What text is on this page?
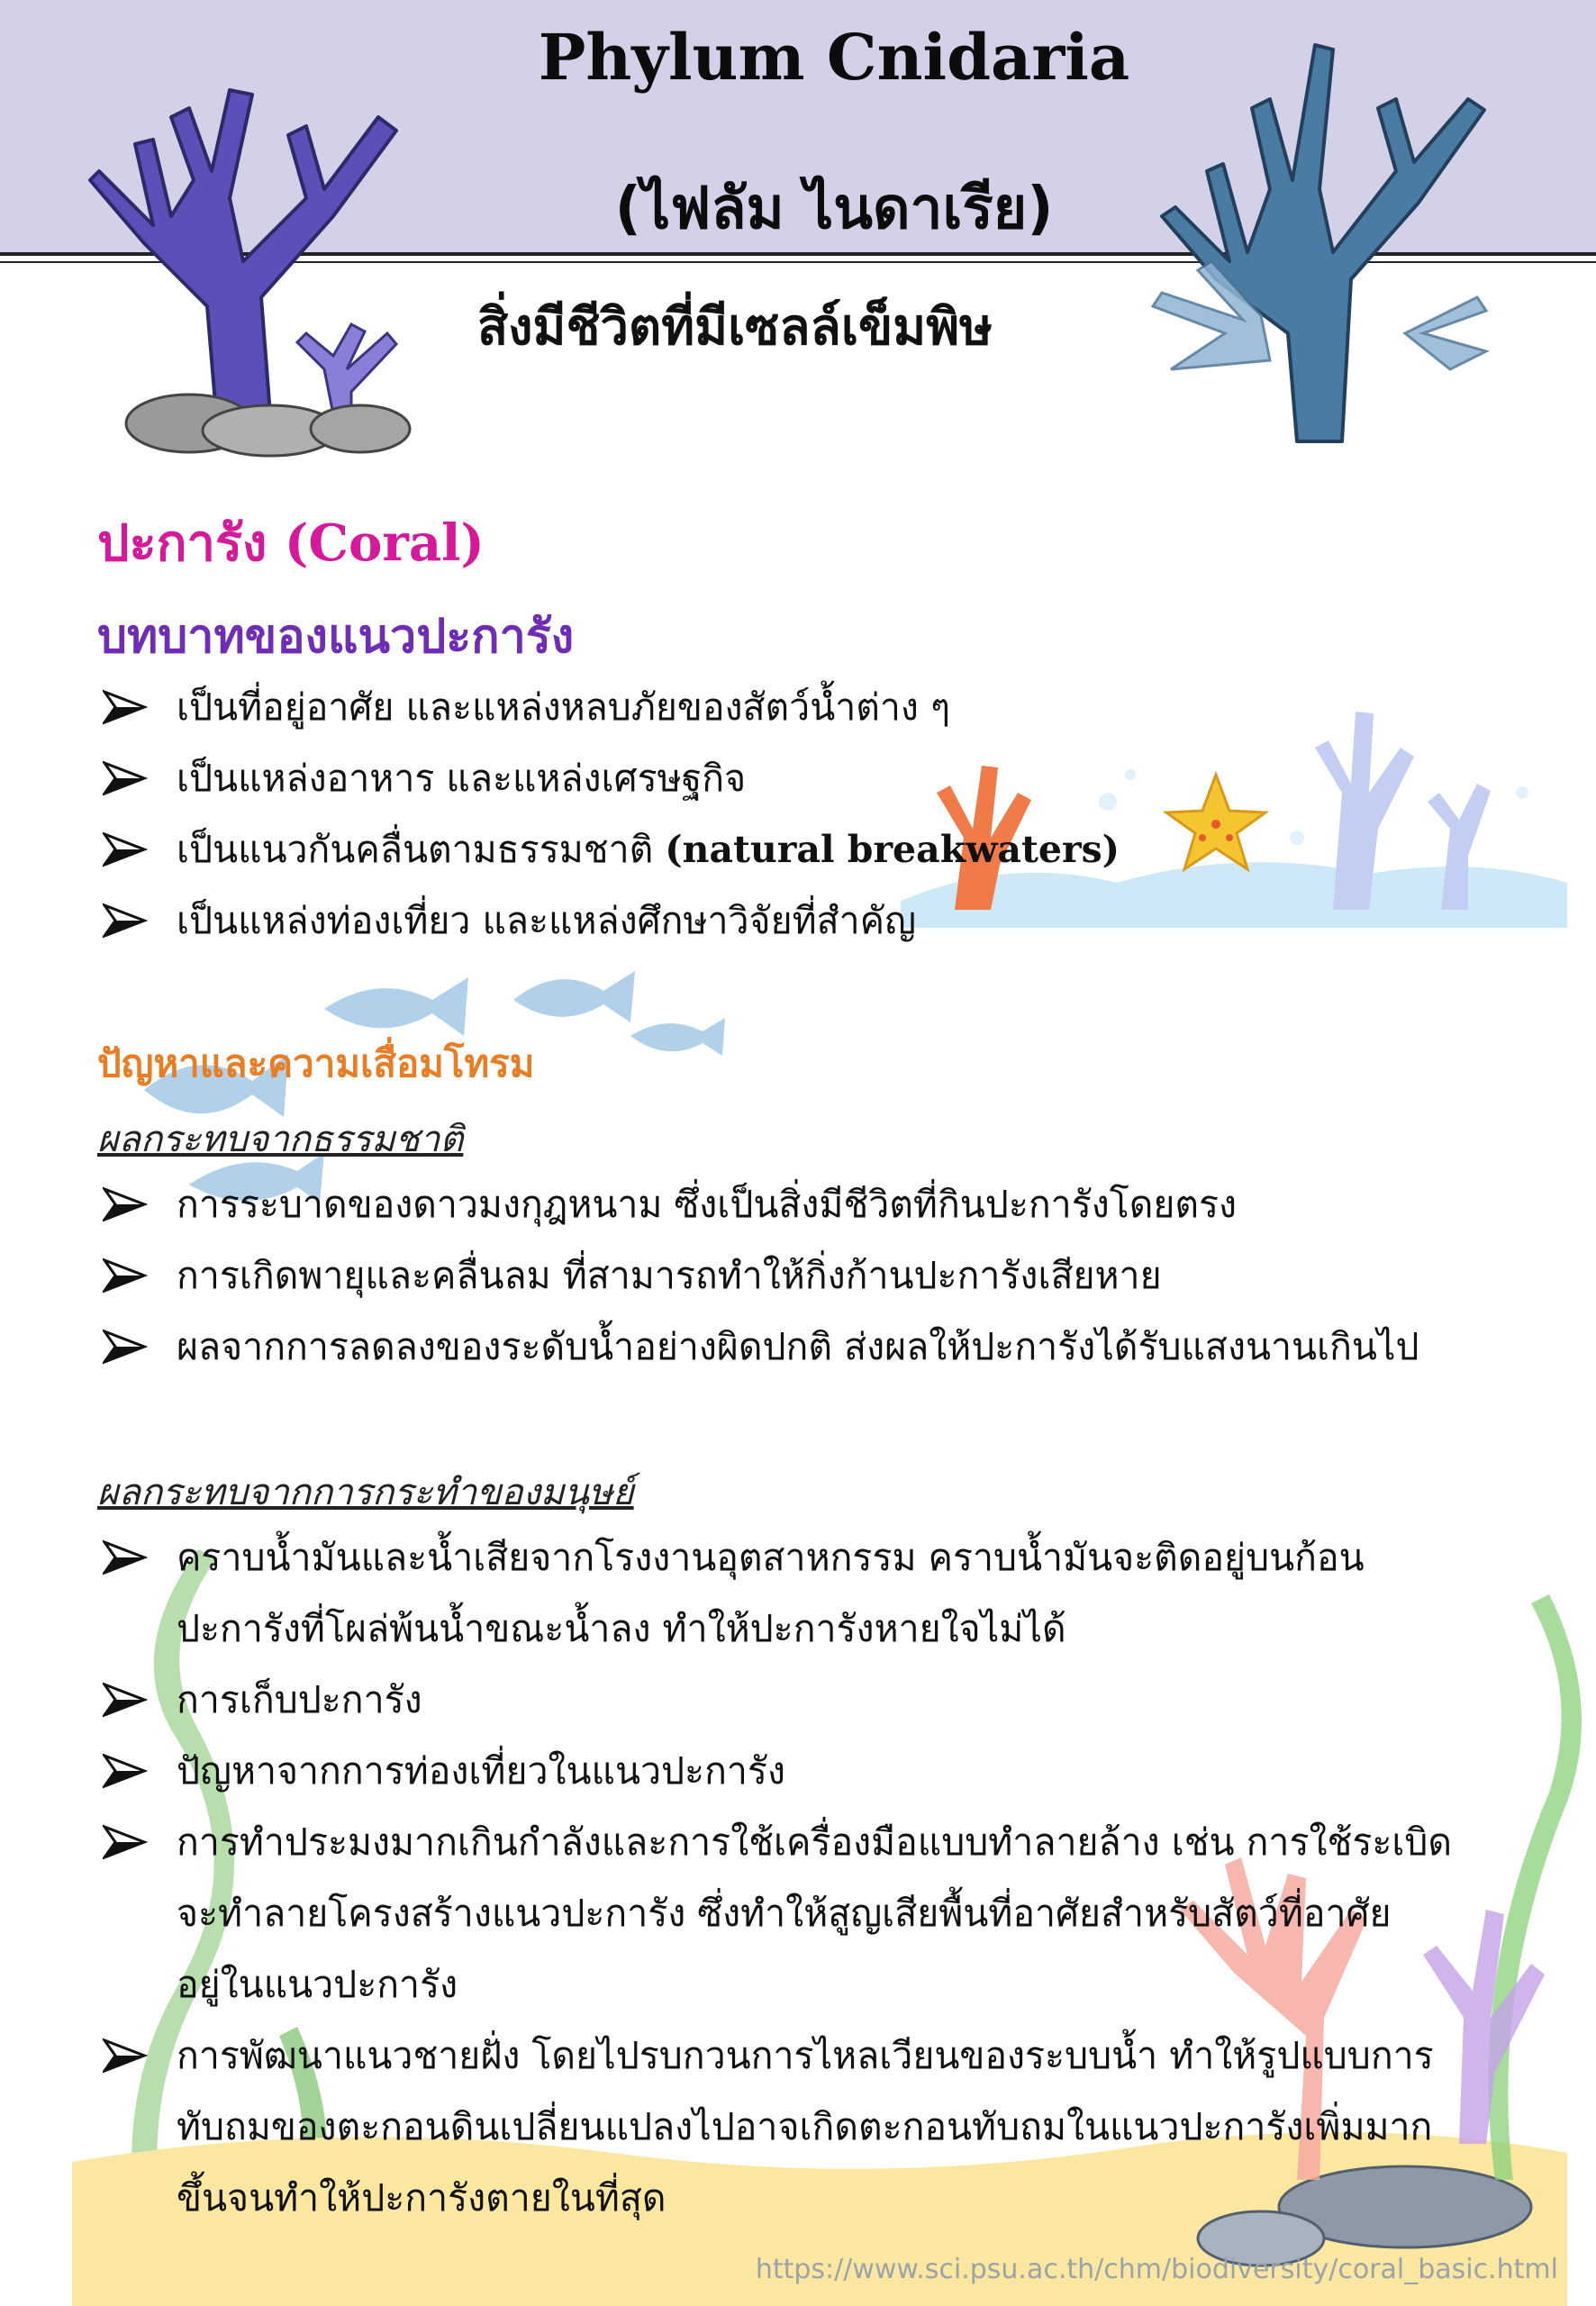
Phylum Cnidaria
(ไฟลัม ไนดาเรีย)
สิ่งมีชีวิตที่มีเซลล์เข็มพิษ
ปะการัง (Coral)
บทบาทของแนวปะการัง
เป็นที่อยู่อาศัย และแหล่งหลบภัยของสัตว์น้ำต่าง ๆ
เป็นแหล่งอาหาร และแหล่งเศรษฐกิจ
เป็นแนวกันคลื่นตามธรรมชาติ (natural breakwaters)
เป็นแหล่งท่องเที่ยว และแหล่งศึกษาวิจัยที่สำคัญ
ปัญหาและความเสื่อมโทรม
ผลกระทบจากธรรมชาติ
การระบาดของดาวมงกุฎหนาม ซึ่งเป็นสิ่งมีชีวิตที่กินปะการังโดยตรง
การเกิดพายุและคลื่นลม ที่สามารถทำให้กิ่งก้านปะการังเสียหาย
ผลจากการลดลงของระดับน้ำอย่างผิดปกติ ส่งผลให้ปะการังได้รับแสงนานเกินไป
ผลกระทบจากการกระทำของมนุษย์
คราบน้ำมันและน้ำเสียจากโรงงานอุตสาหกรรม คราบน้ำมันจะติดอยู่บนก้อน
ปะการังที่โผล่พ้นน้ำขณะน้ำลง ทำให้ปะการังหายใจไม่ได้
การเก็บปะการัง
ปัญหาจากการท่องเที่ยวในแนวปะการัง
การทำประมงมากเกินกำลังและการใช้เครื่องมือแบบทำลายล้าง เช่น การใช้ระเบิด
จะทำลายโครงสร้างแนวปะการัง ซึ่งทำให้สูญเสียพื้นที่อาศัยสำหรับสัตว์ที่อาศัย
อยู่ในแนวปะการัง
การพัฒนาแนวชายฝั่ง โดยไปรบกวนการไหลเวียนของระบบน้ำ ทำให้รูปแบบการ
ทับถมของตะกอนดินเปลี่ยนแปลงไปอาจเกิดตะกอนทับถมในแนวปะการังเพิ่มมาก
ขึ้นจนทำให้ปะการังตายในที่สุด
https://www.sci.psu.ac.th/chm/biodiversity/coral_basic.html
